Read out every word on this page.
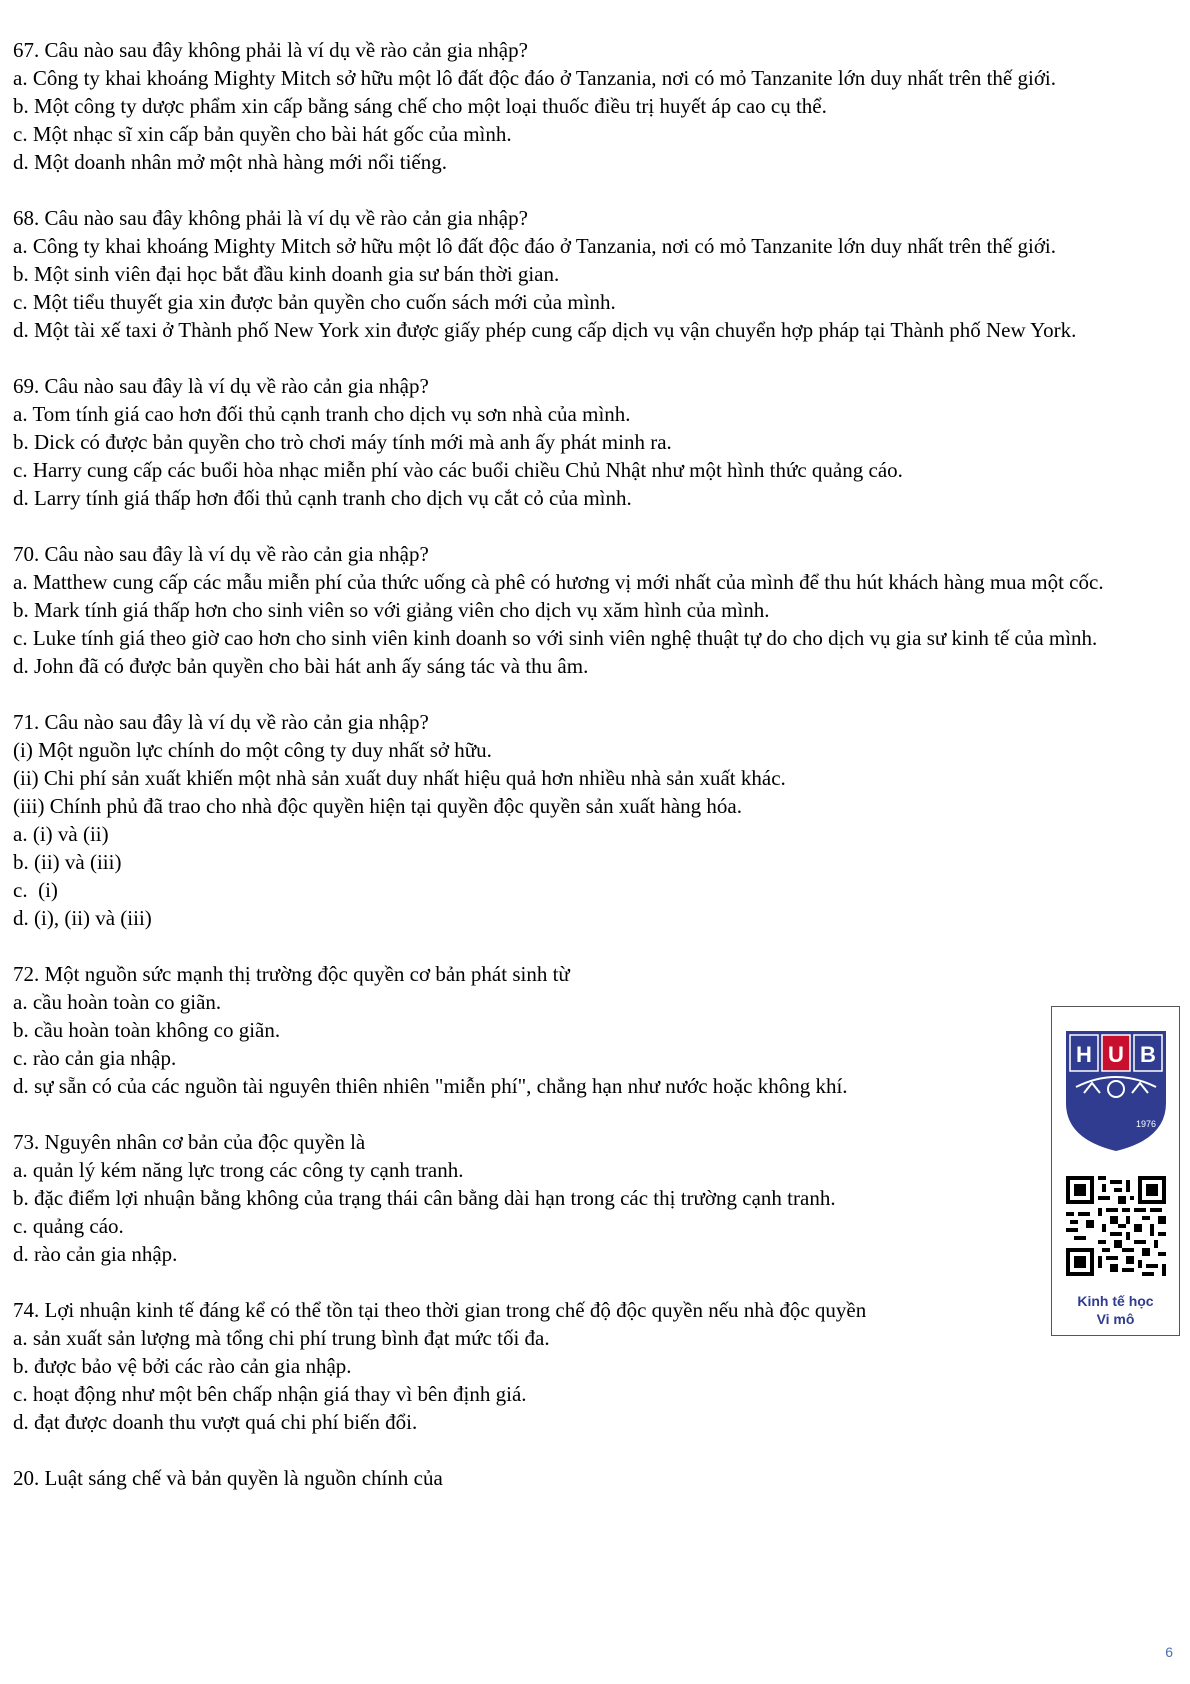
67. Câu nào sau đây không phải là ví dụ về rào cản gia nhập?
a. Công ty khai khoáng Mighty Mitch sở hữu một lô đất độc đáo ở Tanzania, nơi có mỏ Tanzanite lớn duy nhất trên thế giới.
b. Một công ty dược phẩm xin cấp bằng sáng chế cho một loại thuốc điều trị huyết áp cao cụ thể.
c. Một nhạc sĩ xin cấp bản quyền cho bài hát gốc của mình.
d. Một doanh nhân mở một nhà hàng mới nổi tiếng.
68. Câu nào sau đây không phải là ví dụ về rào cản gia nhập?
a. Công ty khai khoáng Mighty Mitch sở hữu một lô đất độc đáo ở Tanzania, nơi có mỏ Tanzanite lớn duy nhất trên thế giới.
b. Một sinh viên đại học bắt đầu kinh doanh gia sư bán thời gian.
c. Một tiểu thuyết gia xin được bản quyền cho cuốn sách mới của mình.
d. Một tài xế taxi ở Thành phố New York xin được giấy phép cung cấp dịch vụ vận chuyển hợp pháp tại Thành phố New York.
69. Câu nào sau đây là ví dụ về rào cản gia nhập?
a. Tom tính giá cao hơn đối thủ cạnh tranh cho dịch vụ sơn nhà của mình.
b. Dick có được bản quyền cho trò chơi máy tính mới mà anh ấy phát minh ra.
c. Harry cung cấp các buổi hòa nhạc miễn phí vào các buổi chiều Chủ Nhật như một hình thức quảng cáo.
d. Larry tính giá thấp hơn đối thủ cạnh tranh cho dịch vụ cắt cỏ của mình.
70. Câu nào sau đây là ví dụ về rào cản gia nhập?
a. Matthew cung cấp các mẫu miễn phí của thức uống cà phê có hương vị mới nhất của mình để thu hút khách hàng mua một cốc.
b. Mark tính giá thấp hơn cho sinh viên so với giảng viên cho dịch vụ xăm hình của mình.
c. Luke tính giá theo giờ cao hơn cho sinh viên kinh doanh so với sinh viên nghệ thuật tự do cho dịch vụ gia sư kinh tế của mình.
d. John đã có được bản quyền cho bài hát anh ấy sáng tác và thu âm.
71. Câu nào sau đây là ví dụ về rào cản gia nhập?
(i) Một nguồn lực chính do một công ty duy nhất sở hữu.
(ii) Chi phí sản xuất khiến một nhà sản xuất duy nhất hiệu quả hơn nhiều nhà sản xuất khác.
(iii) Chính phủ đã trao cho nhà độc quyền hiện tại quyền độc quyền sản xuất hàng hóa.
a. (i) và (ii)
b. (ii) và (iii)
c.  (i)
d. (i), (ii) và (iii)
72. Một nguồn sức mạnh thị trường độc quyền cơ bản phát sinh từ
a. cầu hoàn toàn co giãn.
b. cầu hoàn toàn không co giãn.
c. rào cản gia nhập.
d. sự sẵn có của các nguồn tài nguyên thiên nhiên "miễn phí", chẳng hạn như nước hoặc không khí.
73. Nguyên nhân cơ bản của độc quyền là
a. quản lý kém năng lực trong các công ty cạnh tranh.
b. đặc điểm lợi nhuận bằng không của trạng thái cân bằng dài hạn trong các thị trường cạnh tranh.
c. quảng cáo.
d. rào cản gia nhập.
74. Lợi nhuận kinh tế đáng kể có thể tồn tại theo thời gian trong chế độ độc quyền nếu nhà độc quyền
a. sản xuất sản lượng mà tổng chi phí trung bình đạt mức tối đa.
b. được bảo vệ bởi các rào cản gia nhập.
c. hoạt động như một bên chấp nhận giá thay vì bên định giá.
d. đạt được doanh thu vượt quá chi phí biến đổi.
20. Luật sáng chế và bản quyền là nguồn chính của
H U B
1976
Kinh tế học
Vi mô
6
